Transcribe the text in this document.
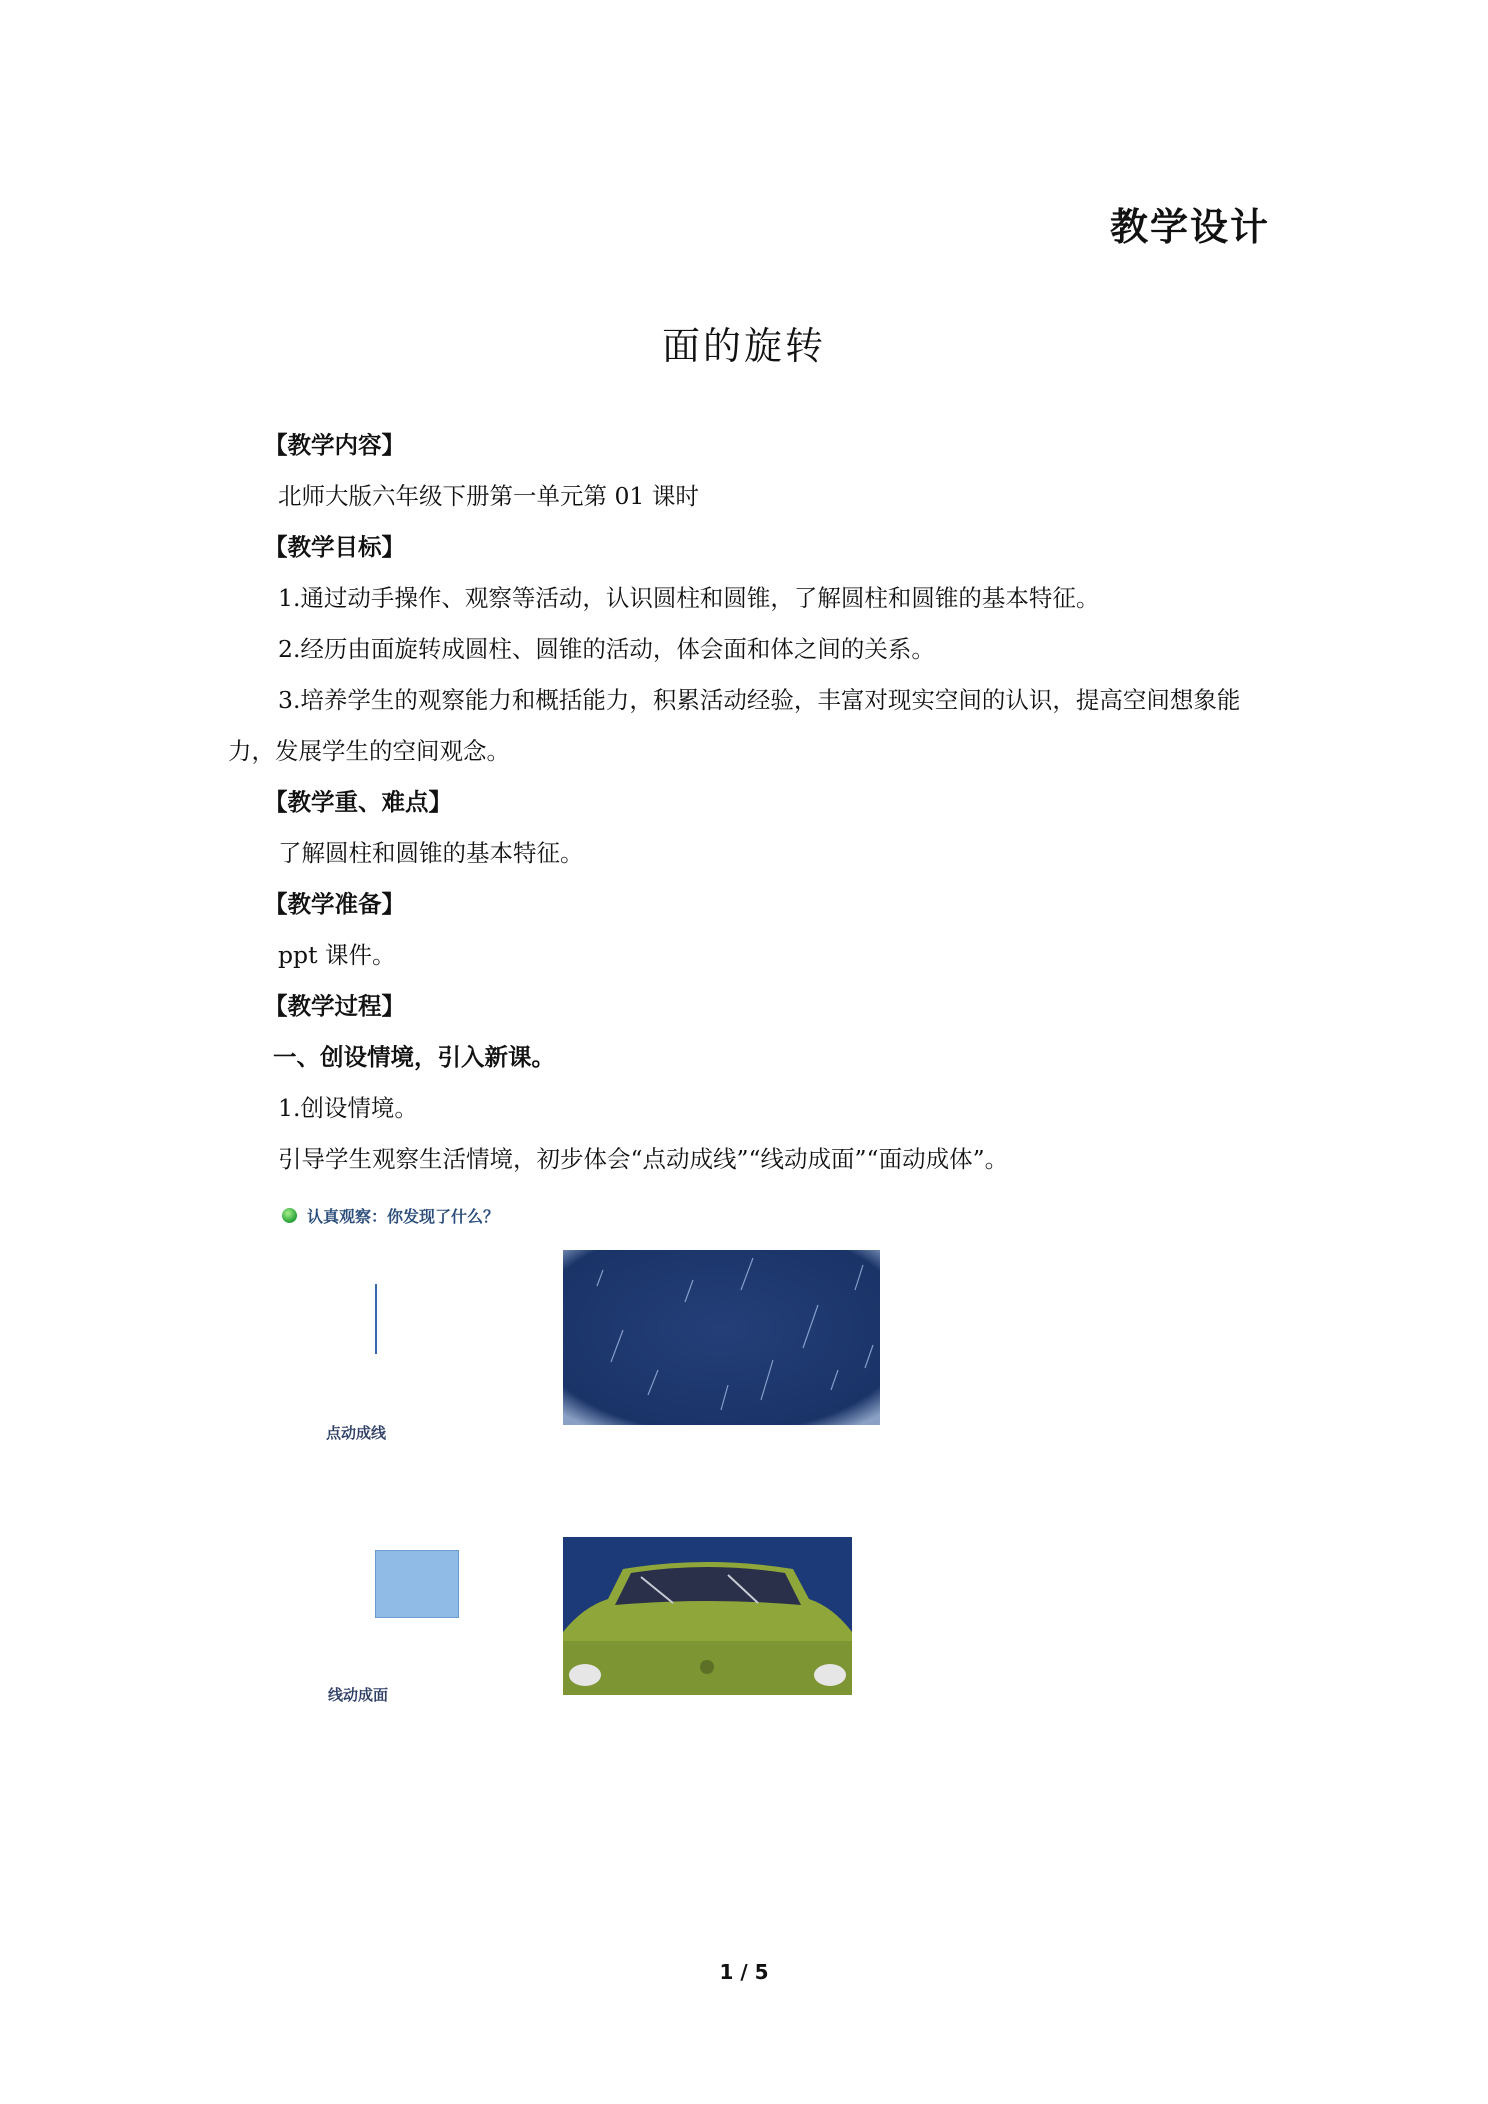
教学设计
面的旋转

【教学内容】

北师大版六年级下册第一单元第 01 课时

【教学目标】

1.通过动手操作、观察等活动，认识圆柱和圆锥，了解圆柱和圆锥的基本特征。

2.经历由面旋转成圆柱、圆锥的活动，体会面和体之间的关系。

3.培养学生的观察能力和概括能力，积累活动经验，丰富对现实空间的认识，提高空间想象能力，发展学生的空间观念。

【教学重、难点】

了解圆柱和圆锥的基本特征。

【教学准备】

ppt 课件。

【教学过程】

一、创设情境，引入新课。

1.创设情境。

引导学生观察生活情境，初步体会“点动成线”“线动成面”“面动成体”。

认真观察：你发现了什么？
点动成线
线动成面
1 / 5
